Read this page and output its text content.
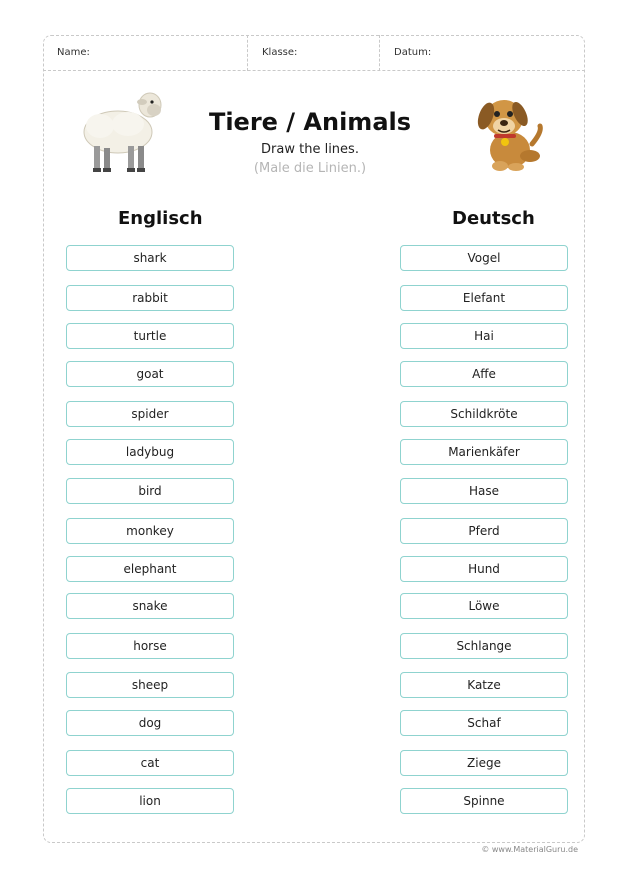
Name:	Klasse:	Datum:
Tiere / Animals
Draw the lines.
(Male die Linien.)
Englisch	Deutsch
shark
rabbit
turtle
goat
spider
ladybug
bird
monkey
elephant
snake
horse
sheep
dog
cat
lion
Vogel
Elefant
Hai
Affe
Schildkröte
Marienkäfer
Hase
Pferd
Hund
Löwe
Schlange
Katze
Schaf
Ziege
Spinne
© www.MaterialGuru.de
